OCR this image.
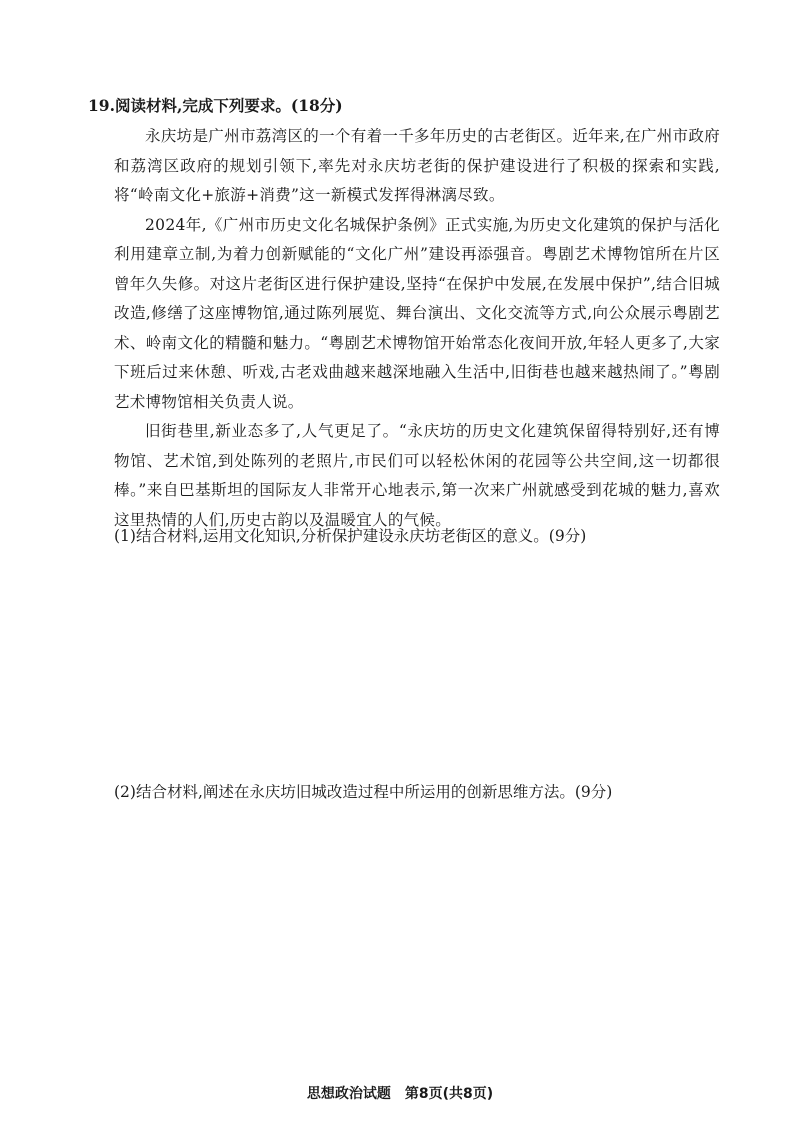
19.阅读材料,完成下列要求。(18分)

永庆坊是广州市荔湾区的一个有着一千多年历史的古老街区。近年来,在广州市政府和荔湾区政府的规划引领下,率先对永庆坊老街的保护建设进行了积极的探索和实践,将“岭南文化+旅游+消费”这一新模式发挥得淋漓尽致。

2024年,《广州市历史文化名城保护条例》正式实施,为历史文化建筑的保护与活化利用建章立制,为着力创新赋能的“文化广州”建设再添强音。粤剧艺术博物馆所在片区曾年久失修。对这片老街区进行保护建设,坚持“在保护中发展,在发展中保护”,结合旧城改造,修缮了这座博物馆,通过陈列展览、舞台演出、文化交流等方式,向公众展示粤剧艺术、岭南文化的精髓和魅力。“粤剧艺术博物馆开始常态化夜间开放,年轻人更多了,大家下班后过来休憩、听戏,古老戏曲越来越深地融入生活中,旧街巷也越来越热闹了。”粤剧艺术博物馆相关负责人说。

旧街巷里,新业态多了,人气更足了。“永庆坊的历史文化建筑保留得特别好,还有博物馆、艺术馆,到处陈列的老照片,市民们可以轻松休闲的花园等公共空间,这一切都很棒。”来自巴基斯坦的国际友人非常开心地表示,第一次来广州就感受到花城的魅力,喜欢这里热情的人们,历史古韵以及温暖宜人的气候。

(1)结合材料,运用文化知识,分析保护建设永庆坊老街区的意义。(9分)
(2)结合材料,阐述在永庆坊旧城改造过程中所运用的创新思维方法。(9分)
思想政治试题　第8页(共8页)
